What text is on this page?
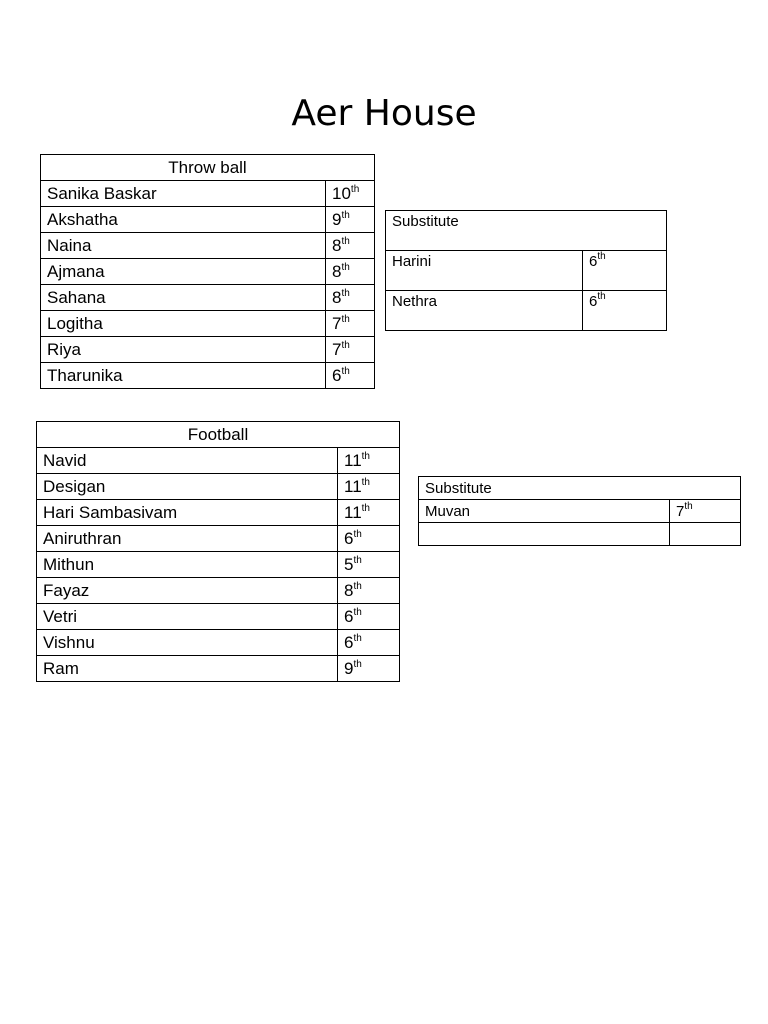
Aer House
Throw ball	
Sanika Baskar	10th
Akshatha	9th
Naina	8th
Ajmana	8th
Sahana	8th
Logitha	7th
Riya	7th
Tharunika	6th
Substitute	
Harini	6th
Nethra	6th
Football	
Navid	11th
Desigan	11th
Hari Sambasivam	11th
Aniruthran	6th
Mithun	5th
Fayaz	8th
Vetri	6th
Vishnu	6th
Ram	9th
Substitute	
Muvan	7th
